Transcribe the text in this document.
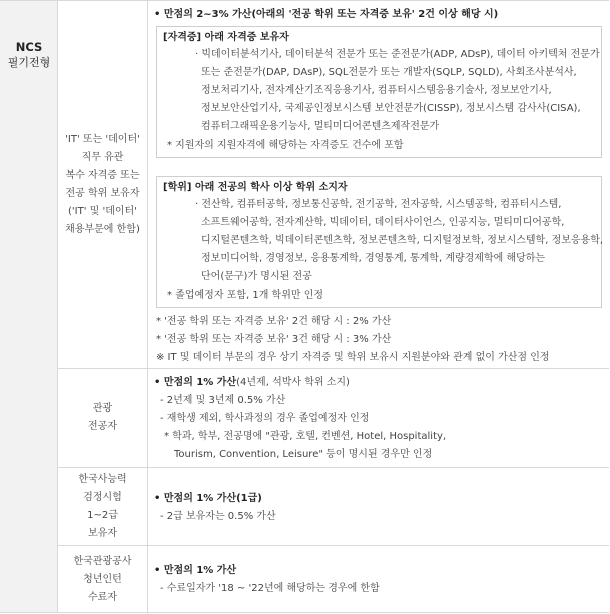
NCS
필기전형
'IT' 또는 '데이터'
직무 유관
복수 자격증 또는
전공 학위 보유자
('IT' 및 '데이터'
채용부문에 한함)
• 만점의 2~3% 가산(아래의 '전공 학위 또는 자격증 보유' 2건 이상 해당 시)
[자격증] 아래 자격증 보유자
· 빅데이터분석기사, 데이터분석 전문가 또는 준전문가(ADP, ADsP), 데이터 아키텍처 전문가
또는 준전문가(DAP, DAsP), SQL전문가 또는 개발자(SQLP, SQLD), 사회조사분석사,
정보처리기사, 전자계산기조직응용기사, 컴퓨터시스템응용기술사, 정보보안기사,
정보보안산업기사, 국제공인정보시스템 보안전문가(CISSP), 정보시스템 감사사(CISA),
컴퓨터그래픽운용기능사, 멀티미디어콘텐츠제작전문가
* 지원자의 지원자격에 해당하는 자격증도 건수에 포함
[학위] 아래 전공의 학사 이상 학위 소지자
· 전산학, 컴퓨터공학, 정보통신공학, 전기공학, 전자공학, 시스템공학, 컴퓨터시스템,
소프트웨어공학, 전자계산학, 빅데이터, 데이터사이언스, 인공지능, 멀티미디어공학,
디지털콘텐츠학, 빅데이터콘텐츠학, 정보콘텐츠학, 디지털정보학, 정보시스템학, 정보응용학,
정보미디어학, 경영정보, 응용통계학, 경영통계, 통계학, 계량경제학에 해당하는
단어(문구)가 명시된 전공
* 졸업예정자 포함, 1개 학위만 인정
* '전공 학위 또는 자격증 보유' 2건 해당 시 : 2% 가산
* '전공 학위 또는 자격증 보유' 3건 해당 시 : 3% 가산
※ IT 및 데이터 부문의 경우 상기 자격증 및 학위 보유시 지원분야와 관계 없이 가산점 인정
관광
전공자
• 만점의 1% 가산(4년제, 석박사 학위 소지)
- 2년제 및 3년제 0.5% 가산
- 재학생 제외, 학사과정의 경우 졸업예정자 인정
* 학과, 학부, 전공명에 "관광, 호텔, 컨벤션, Hotel, Hospitality,
Tourism, Convention, Leisure" 등이 명시된 경우만 인정
한국사능력
검정시험
1~2급
보유자
• 만점의 1% 가산(1급)
- 2급 보유자는 0.5% 가산
한국관광공사
청년인턴
수료자
• 만점의 1% 가산
- 수료일자가 '18 ~ '22년에 해당하는 경우에 한함
